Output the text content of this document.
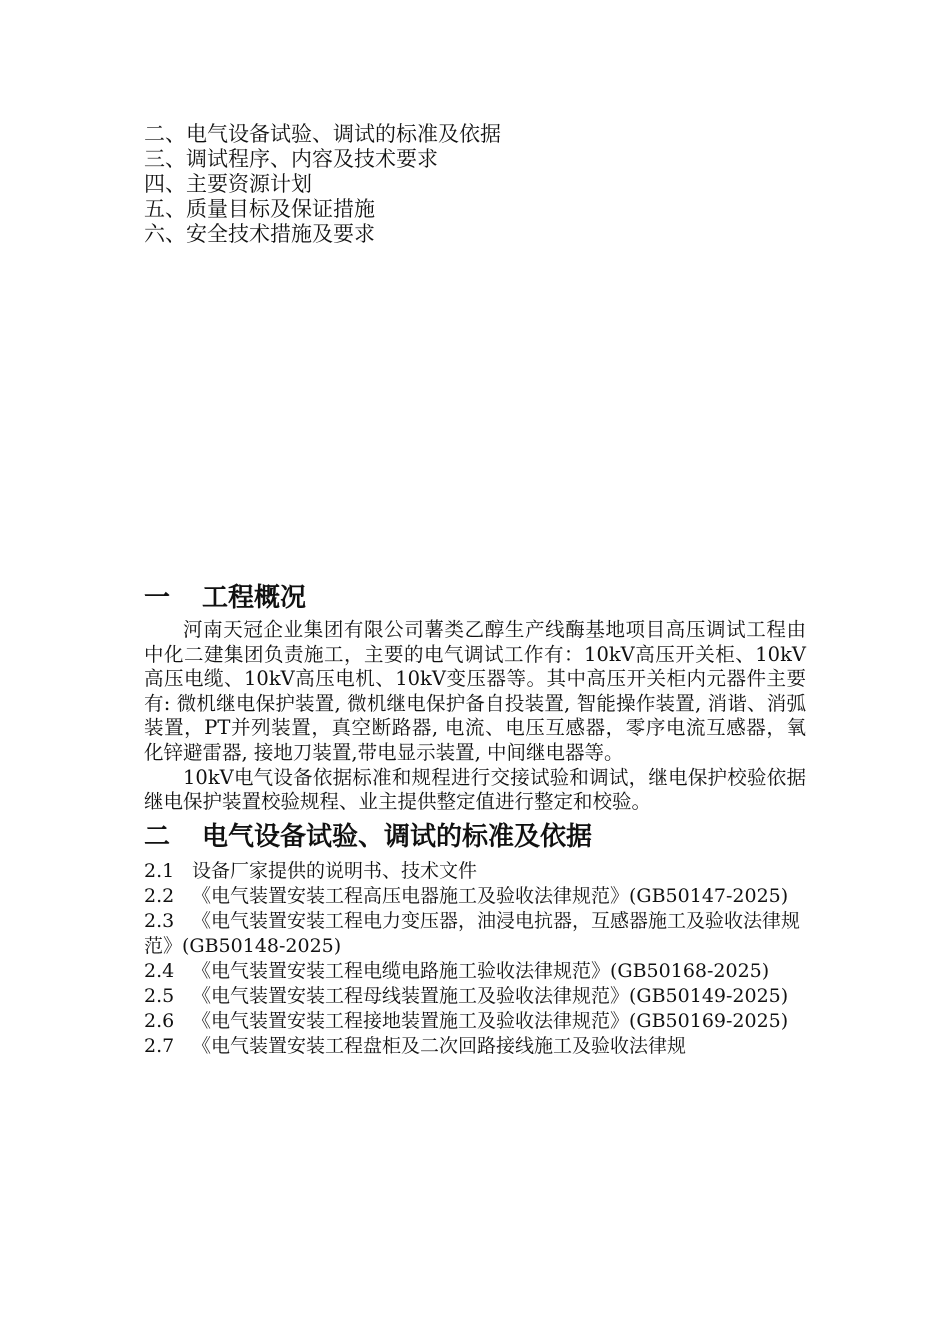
二、电气设备试验、调试的标准及依据
三、调试程序、内容及技术要求
四、主要资源计划
五、质量目标及保证措施
六、安全技术措施及要求
一 工程概况

河南天冠企业集团有限公司薯类乙醇生产线酶基地项目高压调试工程由中化二建集团负责施工，主要的电气调试工作有：10kV高压开关柜、10kV高压电缆、10kV高压电机、10kV变压器等。其中高压开关柜内元器件主要有: 微机继电保护装置, 微机继电保护备自投装置, 智能操作装置, 消谐、消弧装置，PT并列装置，真空断路器, 电流、电压互感器，零序电流互感器，氧化锌避雷器, 接地刀装置,带电显示装置, 中间继电器等。

10kV电气设备依据标准和规程进行交接试验和调试，继电保护校验依据继电保护装置校验规程、业主提供整定值进行整定和校验。

二 电气设备试验、调试的标准及依据
2.1 设备厂家提供的说明书、技术文件
2.2 《电气装置安装工程高压电器施工及验收法律规范》(GB50147-2025)
2.3 《电气装置安装工程电力变压器，油浸电抗器，互感器施工及验收法律规范》(GB50148-2025)
2.4 《电气装置安装工程电缆电路施工验收法律规范》(GB50168-2025)
2.5 《电气装置安装工程母线装置施工及验收法律规范》(GB50149-2025)
2.6 《电气装置安装工程接地装置施工及验收法律规范》(GB50169-2025)
2.7 《电气装置安装工程盘柜及二次回路接线施工及验收法律规
